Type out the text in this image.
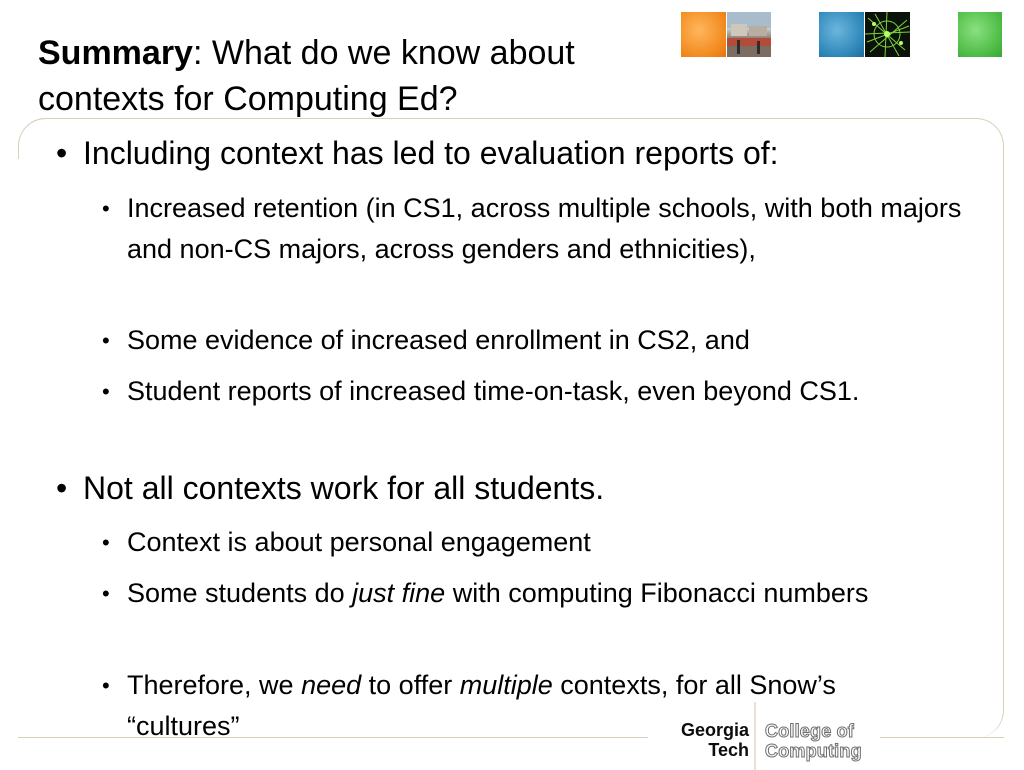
Summary: What do we know about contexts for Computing Ed?

• Including context has led to evaluation reports of:

• Increased retention (in CS1, across multiple schools, with both majors and non-CS majors, across genders and ethnicities),

• Some evidence of increased enrollment in CS2, and

• Student reports of increased time-on-task, even beyond CS1.

• Not all contexts work for all students.

• Context is about personal engagement

• Some students do just fine with computing Fibonacci numbers

• Therefore, we need to offer multiple contexts, for all Snow’s “cultures”	Georgia
Tech
College of
Computing
